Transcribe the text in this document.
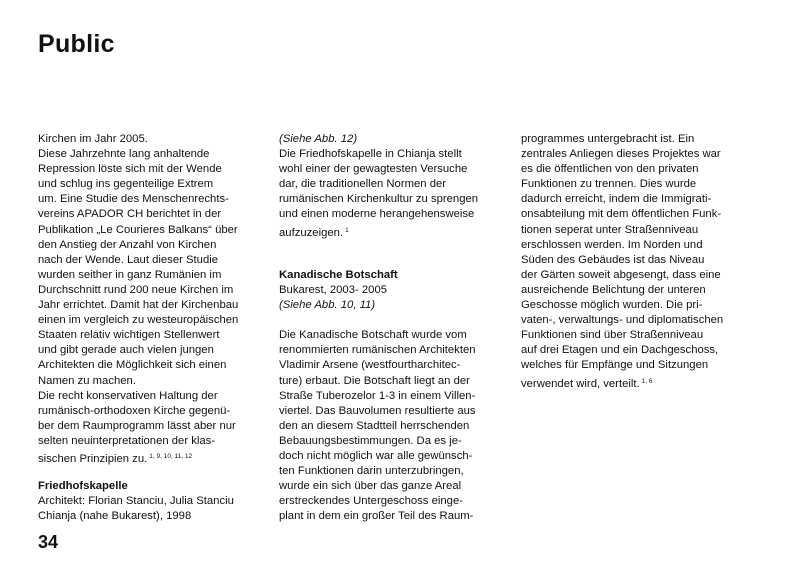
Public
Kirchen im Jahr 2005.
Diese Jahrzehnte lang anhaltende
Repression löste sich mit der Wende
und schlug ins gegenteilige Extrem
um. Eine Studie des Menschenrechts-
vereins APADOR CH berichtet in der
Publikation „Le Courieres Balkans“ über
den Anstieg der Anzahl von Kirchen
nach der Wende. Laut dieser Studie
wurden seither in ganz Rumänien im
Durchschnitt rund 200 neue Kirchen im
Jahr errichtet. Damit hat der Kirchenbau
einen im vergleich zu westeuropäischen
Staaten relativ wichtigen Stellenwert
und gibt gerade auch vielen jungen
Architekten die Möglichkeit sich einen
Namen zu machen.
Die recht konservativen Haltung der
rumänisch-orthodoxen Kirche gegenü-
ber dem Raumprogramm lässt aber nur
selten neuinterpretationen der klas-
sischen Prinzipien zu. $^{1, 9, 10, 11, 12}$
Friedhofskapelle
Architekt: Florian Stanciu, Julia Stanciu
Chianja (nahe Bukarest), 1998
(Siehe Abb. 12)
Die Friedhofskapelle in Chianja stellt
wohl einer der gewagtesten Versuche
dar, die traditionellen Normen der
rumänischen Kirchenkultur zu sprengen
und einen moderne herangehensweise
aufzuzeigen. $^1$
Kanadische Botschaft
Bukarest, 2003- 2005
(Siehe Abb. 10, 11)
Die Kanadische Botschaft wurde vom
renommierten rumänischen Architekten
Vladimir Arsene (westfourtharchitec-
ture) erbaut. Die Botschaft liegt an der
Straße Tuberozelor 1-3 in einem Villen-
viertel. Das Bauvolumen resultierte aus
den an diesem Stadtteil herrschenden
Bebauungsbestimmungen. Da es je-
doch nicht möglich war alle gewünsch-
ten Funktionen darin unterzubringen,
wurde ein sich über das ganze Areal
erstreckendes Untergeschoss einge-
plant in dem ein großer Teil des Raum-
programmes untergebracht ist. Ein
zentrales Anliegen dieses Projektes war
es die öffentlichen von den privaten
Funktionen zu trennen. Dies wurde
dadurch erreicht, indem die Immigrati-
onsabteilung mit dem öffentlichen Funk-
tionen seperat unter Straßenniveau
erschlossen werden. Im Norden und
Süden des Gebäudes ist das Niveau
der Gärten soweit abgesengt, dass eine
ausreichende Belichtung der unteren
Geschosse möglich wurden. Die pri-
vaten-, verwaltungs- und diplomatischen
Funktionen sind über Straßenniveau
auf drei Etagen und ein Dachgeschoss,
welches für Empfänge und Sitzungen
verwendet wird, verteilt. $^{1, 6}$
34
